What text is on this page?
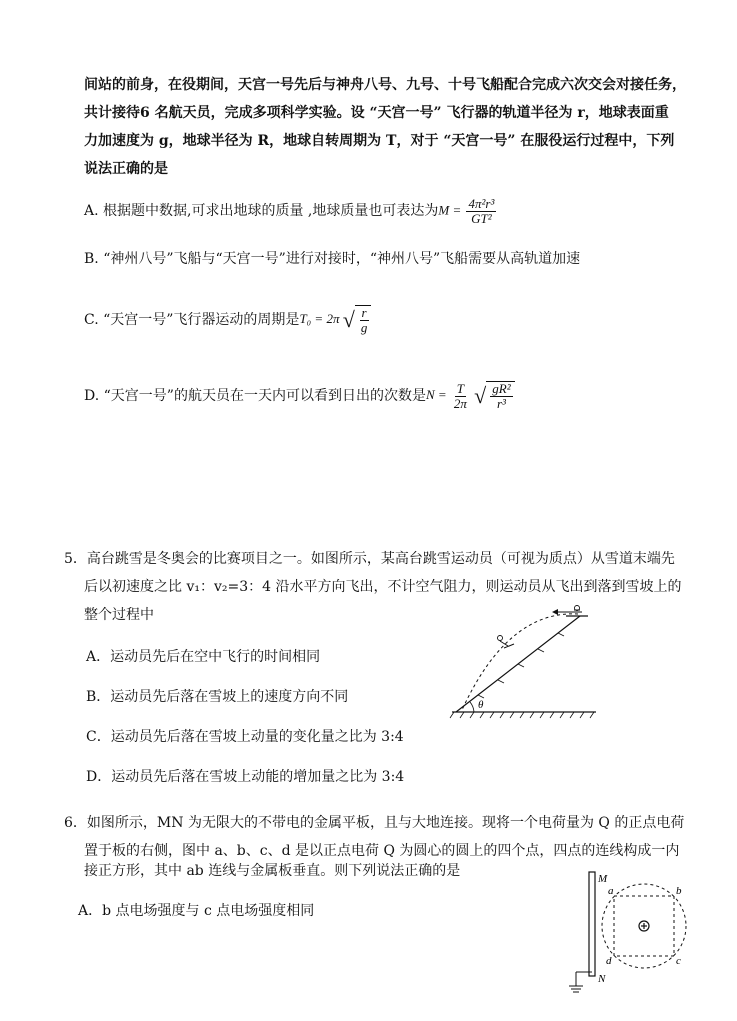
间站的前身，在役期间，天宫一号先后与神舟八号、九号、十号飞船配合完成六次交会对接任务，
共计接待6 名航天员，完成多项科学实验。设 “天宫一号” 飞行器的轨道半径为 r，地球表面重
力加速度为 g，地球半径为 R，地球自转周期为 T，对于 “天宫一号” 在服役运行过程中，下列
说法正确的是
A. 根据题中数据,可求出地球的质量 ,地球质量也可表达为 $M = \frac{\text{4π²r³}}{\text{GT²}}$
B. “神州八号”飞船与“天宫一号”进行对接时，“神州八号”飞船需要从高轨道加速
C. “天宫一号”飞行器运动的周期是 T₀ = 2π √ $\frac{r}{g}$
D. “天宫一号”的航天员在一天内可以看到日出的次数是 $N = \frac{T}{2\pi}$
√ $\frac{\text{gR²}}{\text{r³}}$
5．高台跳雪是冬奥会的比赛项目之一。如图所示，某高台跳雪运动员（可视为质点）从雪道末端先
后以初速度之比 v₁：v₂=3：4 沿水平方向飞出，不计空气阻力，则运动员从飞出到落到雪坡上的
整个过程中
A．运动员先后在空中飞行的时间相同
B．运动员先后落在雪坡上的速度方向不同
C．运动员先后落在雪坡上动量的变化量之比为 3:4
D．运动员先后落在雪坡上动能的增加量之比为 3:4
θ
6．如图所示，MN 为无限大的不带电的金属平板，且与大地连接。现将一个电荷量为 Q 的正点电荷
置于板的右侧，图中 a、b、c、d 是以正点电荷 Q 为圆心的圆上的四个点，四点的连线构成一内
接正方形，其中 ab 连线与金属板垂直。则下列说法正确的是
A．b 点电场强度与 c 点电场强度相同
M
N
a	b
c
d
